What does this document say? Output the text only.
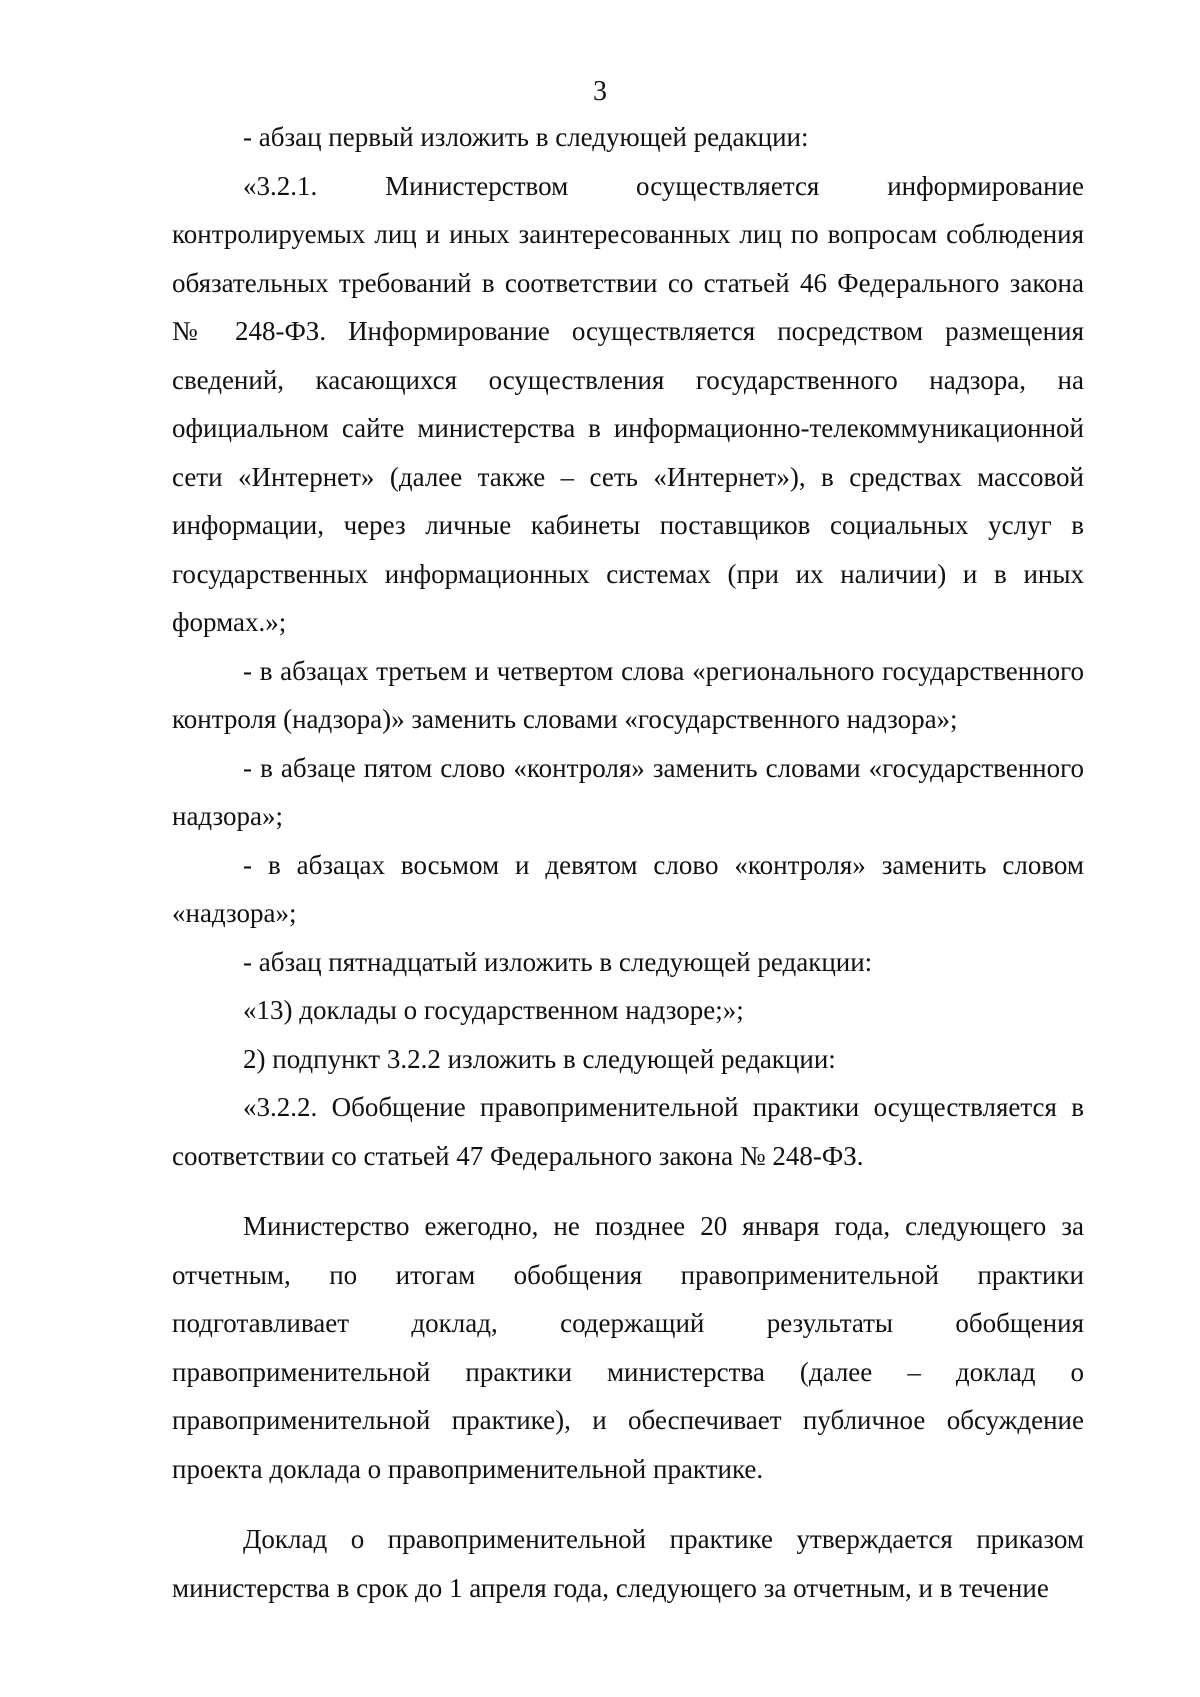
3

- абзац первый изложить в следующей редакции:

«3.2.1. Министерством осуществляется информирование контролируемых лиц и иных заинтересованных лиц по вопросам соблюдения обязательных требований в соответствии со статьей 46 Федерального закона № 248-ФЗ. Информирование осуществляется посредством размещения сведений, касающихся осуществления государственного надзора, на официальном сайте министерства в информационно-телекоммуникационной сети «Интернет» (далее также – сеть «Интернет»), в средствах массовой информации, через личные кабинеты поставщиков социальных услуг в государственных информационных системах (при их наличии) и в иных формах.»;

- в абзацах третьем и четвертом слова «регионального государственного контроля (надзора)» заменить словами «государственного надзора»;

- в абзаце пятом слово «контроля» заменить словами «государственного надзора»;

- в абзацах восьмом и девятом слово «контроля» заменить словом «надзора»;

- абзац пятнадцатый изложить в следующей редакции:

«13) доклады о государственном надзоре;»;

2) подпункт 3.2.2 изложить в следующей редакции:

«3.2.2. Обобщение правоприменительной практики осуществляется в соответствии со статьей 47 Федерального закона № 248-ФЗ.

Министерство ежегодно, не позднее 20 января года, следующего за отчетным, по итогам обобщения правоприменительной практики подготавливает доклад, содержащий результаты обобщения правоприменительной практики министерства (далее – доклад о правоприменительной практике), и обеспечивает публичное обсуждение проекта доклада о правоприменительной практике.

Доклад о правоприменительной практике утверждается приказом министерства в срок до 1 апреля года, следующего за отчетным, и в течение
